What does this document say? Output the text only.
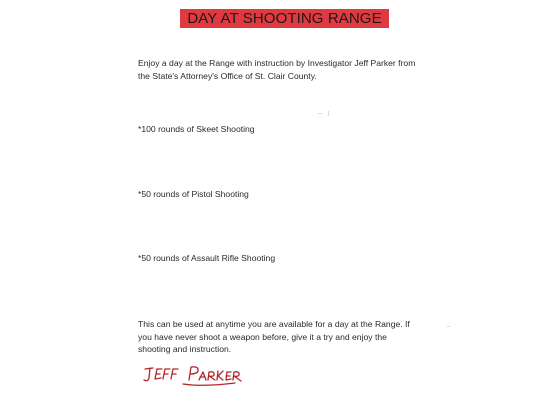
DAY AT SHOOTING RANGE
Enjoy a day at the Range with instruction by Investigator Jeff Parker from the State's Attorney's Office of St. Clair County.
*100 rounds of Skeet Shooting
*50 rounds of Pistol Shooting
*50 rounds of Assault Rifle Shooting
This can be used at anytime you are available for a day at the Range. If you have never shoot a weapon before, give it a try and enjoy the shooting and instruction.
